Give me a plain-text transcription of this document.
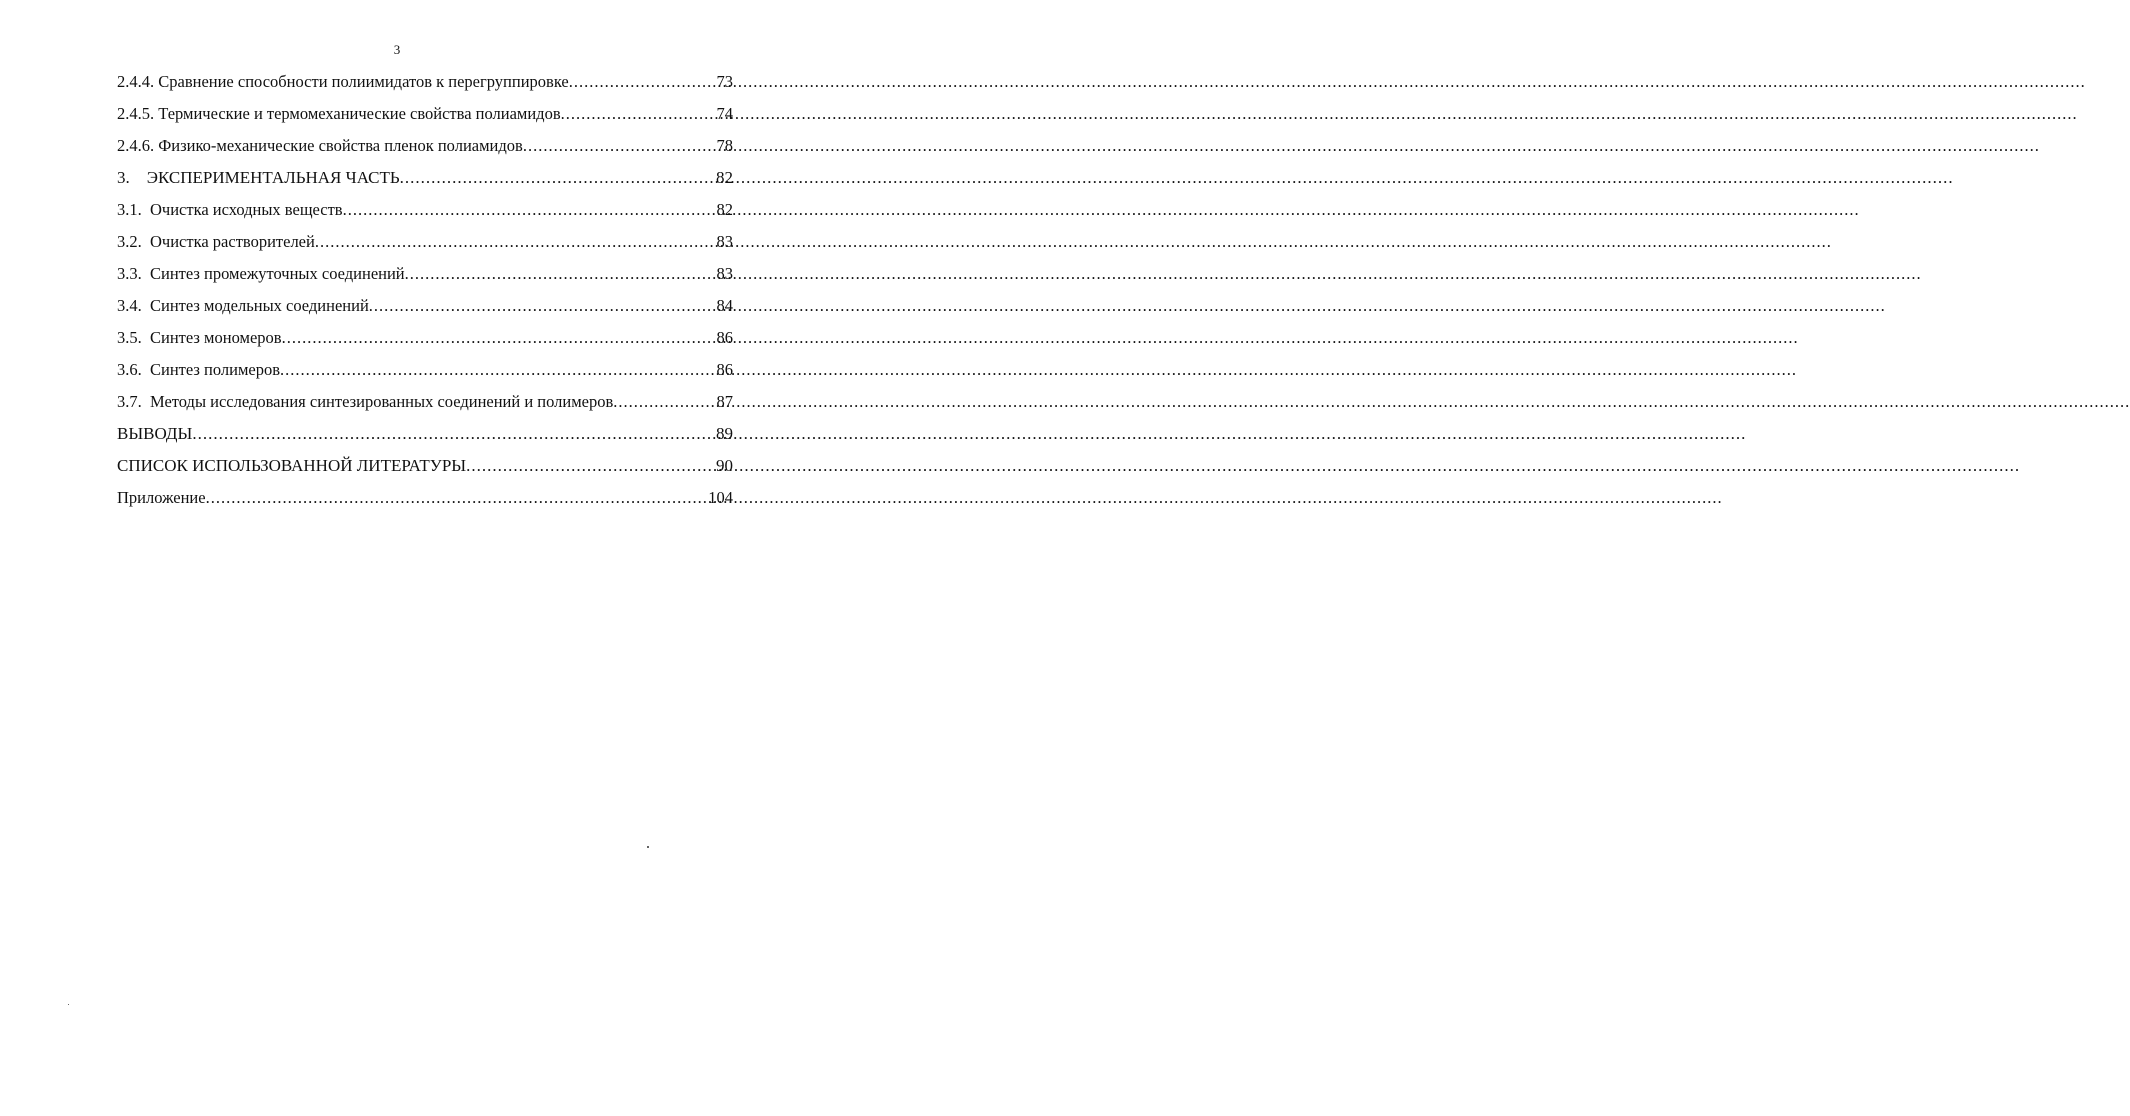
3
2.4.4. Сравнение способности полиимидатов к перегруппировке .....	73
2.4.5. Термические и термомеханические свойства полиамидов .....	74
2.4.6. Физико-механические свойства пленок полиамидов .....	78
3.    ЭКСПЕРИМЕНТАЛЬНАЯ ЧАСТЬ .....	82
3.1.  Очистка исходных веществ .....	82
3.2.  Очистка растворителей .....	83
3.3.  Синтез промежуточных соединений .....	83
3.4.  Синтез модельных соединений .....	84
3.5.  Синтез мономеров .....	86
3.6.  Синтез полимеров .....	86
3.7.  Методы исследования синтезированных соединений и полимеров .....	87
ВЫВОДЫ .....	89
СПИСОК ИСПОЛЬЗОВАННОЙ ЛИТЕРАТУРЫ .....	90
Приложение .....	104
